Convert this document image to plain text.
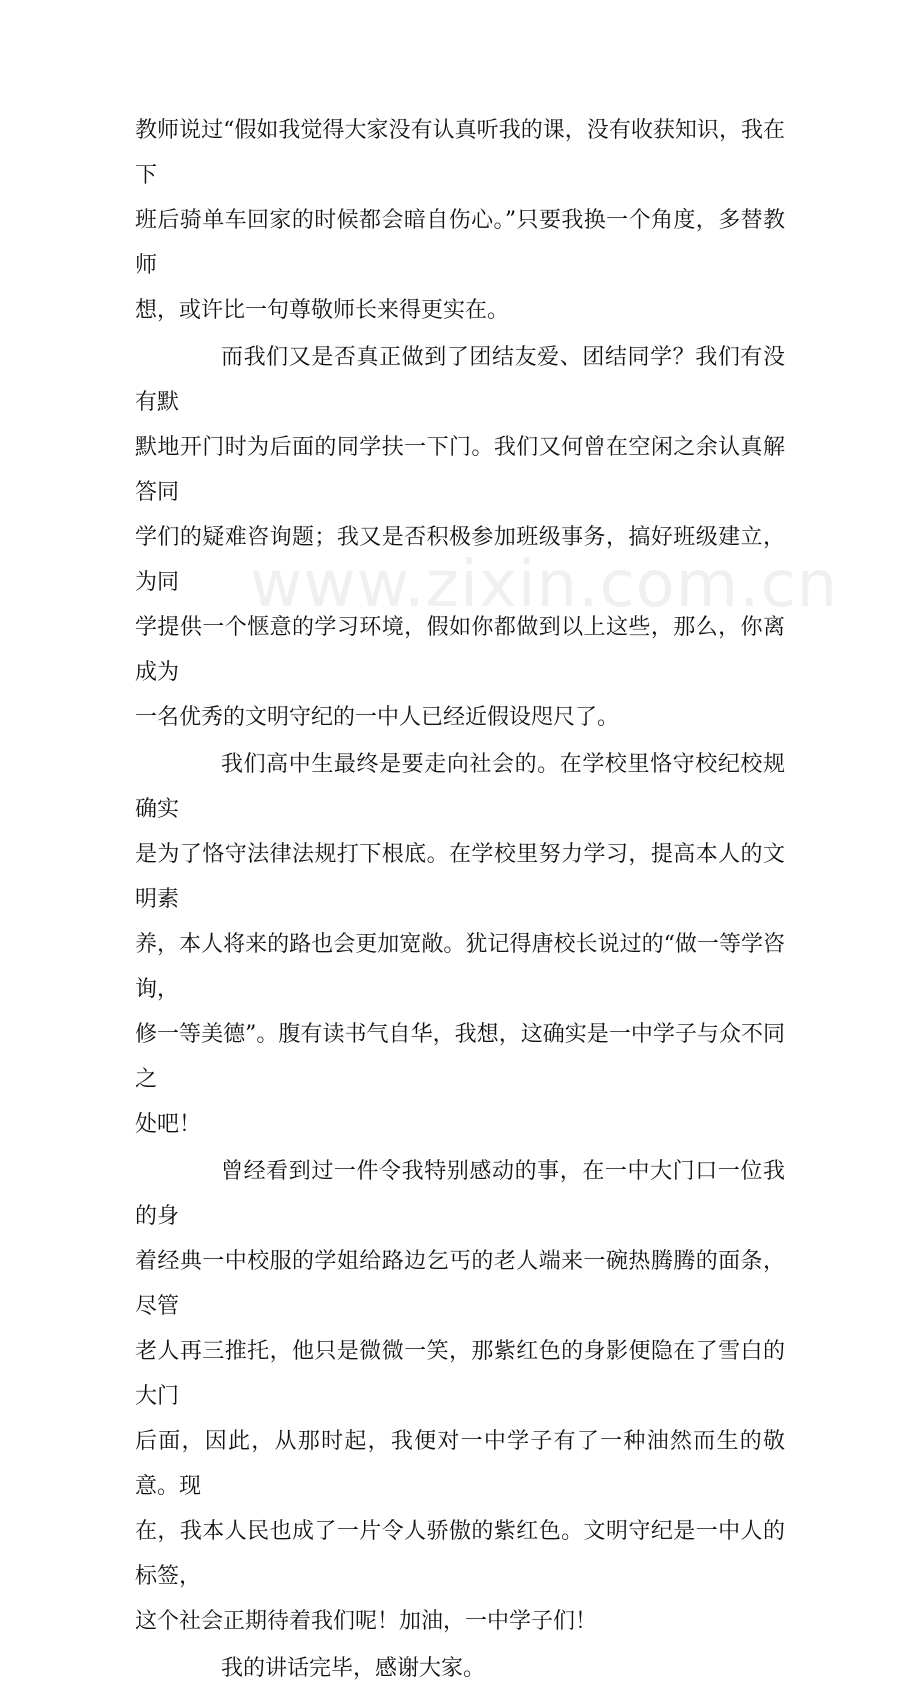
www.zixin.com.cn

教师说过“假如我觉得大家没有认真听我的课，没有收获知识，我在下
班后骑单车回家的时候都会暗自伤心。”只要我换一个角度，多替教师
想，或许比一句尊敬师长来得更实在。

而我们又是否真正做到了团结友爱、团结同学？我们有没有默
默地开门时为后面的同学扶一下门。我们又何曾在空闲之余认真解答同
学们的疑难咨询题；我又是否积极参加班级事务，搞好班级建立，为同
学提供一个惬意的学习环境，假如你都做到以上这些，那么，你离成为
一名优秀的文明守纪的一中人已经近假设咫尺了。

我们高中生最终是要走向社会的。在学校里恪守校纪校规确实
是为了恪守法律法规打下根底。在学校里努力学习，提高本人的文明素
养，本人将来的路也会更加宽敞。犹记得唐校长说过的“做一等学咨询，
修一等美德”。腹有读书气自华，我想，这确实是一中学子与众不同之
处吧！

曾经看到过一件令我特别感动的事，在一中大门口一位我的身
着经典一中校服的学姐给路边乞丐的老人端来一碗热腾腾的面条，尽管
老人再三推托，他只是微微一笑，那紫红色的身影便隐在了雪白的大门
后面，因此，从那时起，我便对一中学子有了一种油然而生的敬意。现
在，我本人民也成了一片令人骄傲的紫红色。文明守纪是一中人的标签，
这个社会正期待着我们呢！加油，一中学子们！

我的讲话完毕，感谢大家。
